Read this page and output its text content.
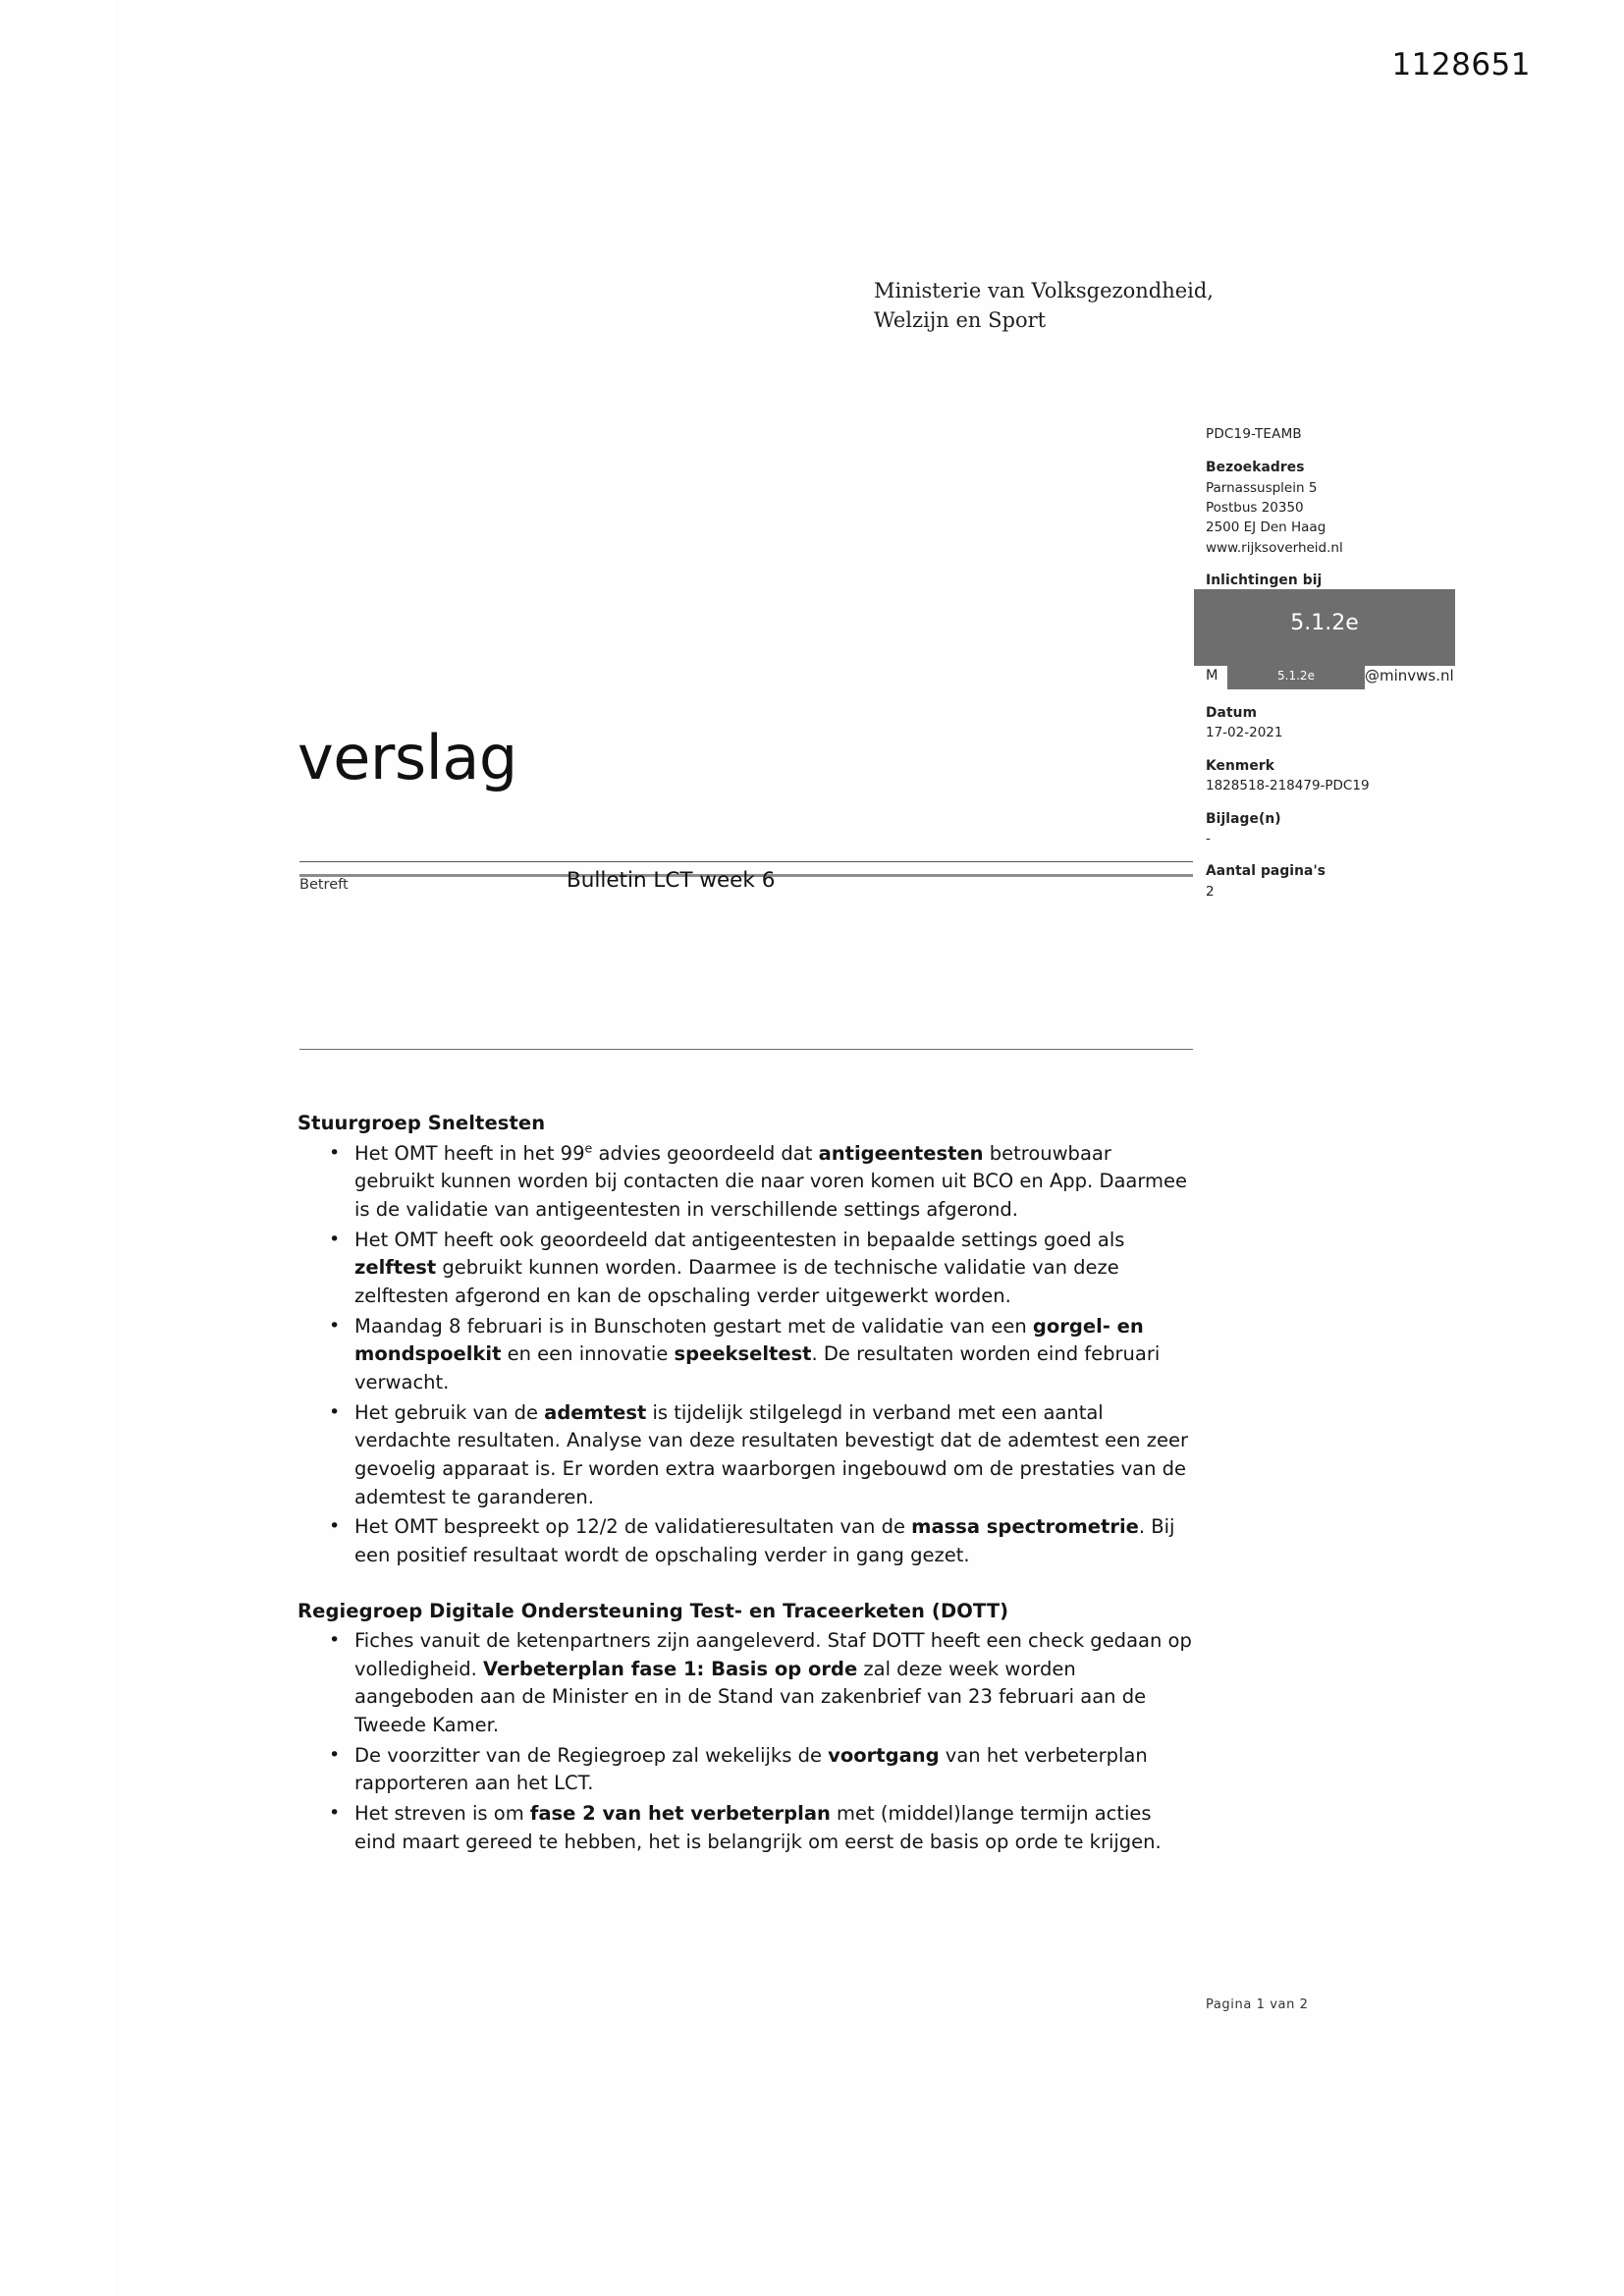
1128651
Ministerie van Volksgezondheid,
Welzijn en Sport
PDC19-TEAMB
Bezoekadres
Parnassusplein 5
Postbus 20350
2500 EJ Den Haag
www.rijksoverheid.nl
Inlichtingen bij
Datum
17-02-2021
Kenmerk
1828518-218479-PDC19
Bijlage(n)
-
Aantal pagina's
2
5.1.2e
M	5.1.2e	@minvws.nl
verslag
Betreft	Bulletin LCT week 6
Stuurgroep Sneltesten
• Het OMT heeft in het 99e advies geoordeeld dat antigeentesten betrouwbaar gebruikt kunnen worden bij contacten die naar voren komen uit BCO en App. Daarmee is de validatie van antigeentesten in verschillende settings afgerond.
• Het OMT heeft ook geoordeeld dat antigeentesten in bepaalde settings goed als zelftest gebruikt kunnen worden. Daarmee is de technische validatie van deze zelftesten afgerond en kan de opschaling verder uitgewerkt worden.
• Maandag 8 februari is in Bunschoten gestart met de validatie van een gorgel- en mondspoelkit en een innovatie speekseltest. De resultaten worden eind februari verwacht.
• Het gebruik van de ademtest is tijdelijk stilgelegd in verband met een aantal verdachte resultaten. Analyse van deze resultaten bevestigt dat de ademtest een zeer gevoelig apparaat is. Er worden extra waarborgen ingebouwd om de prestaties van de ademtest te garanderen.
• Het OMT bespreekt op 12/2 de validatieresultaten van de massa spectrometrie. Bij een positief resultaat wordt de opschaling verder in gang gezet.
Regiegroep Digitale Ondersteuning Test- en Traceerketen (DOTT)
• Fiches vanuit de ketenpartners zijn aangeleverd. Staf DOTT heeft een check gedaan op volledigheid. Verbeterplan fase 1: Basis op orde zal deze week worden aangeboden aan de Minister en in de Stand van zakenbrief van 23 februari aan de Tweede Kamer.
• De voorzitter van de Regiegroep zal wekelijks de voortgang van het verbeterplan rapporteren aan het LCT.
• Het streven is om fase 2 van het verbeterplan met (middel)lange termijn acties eind maart gereed te hebben, het is belangrijk om eerst de basis op orde te krijgen.
Pagina 1 van 2
